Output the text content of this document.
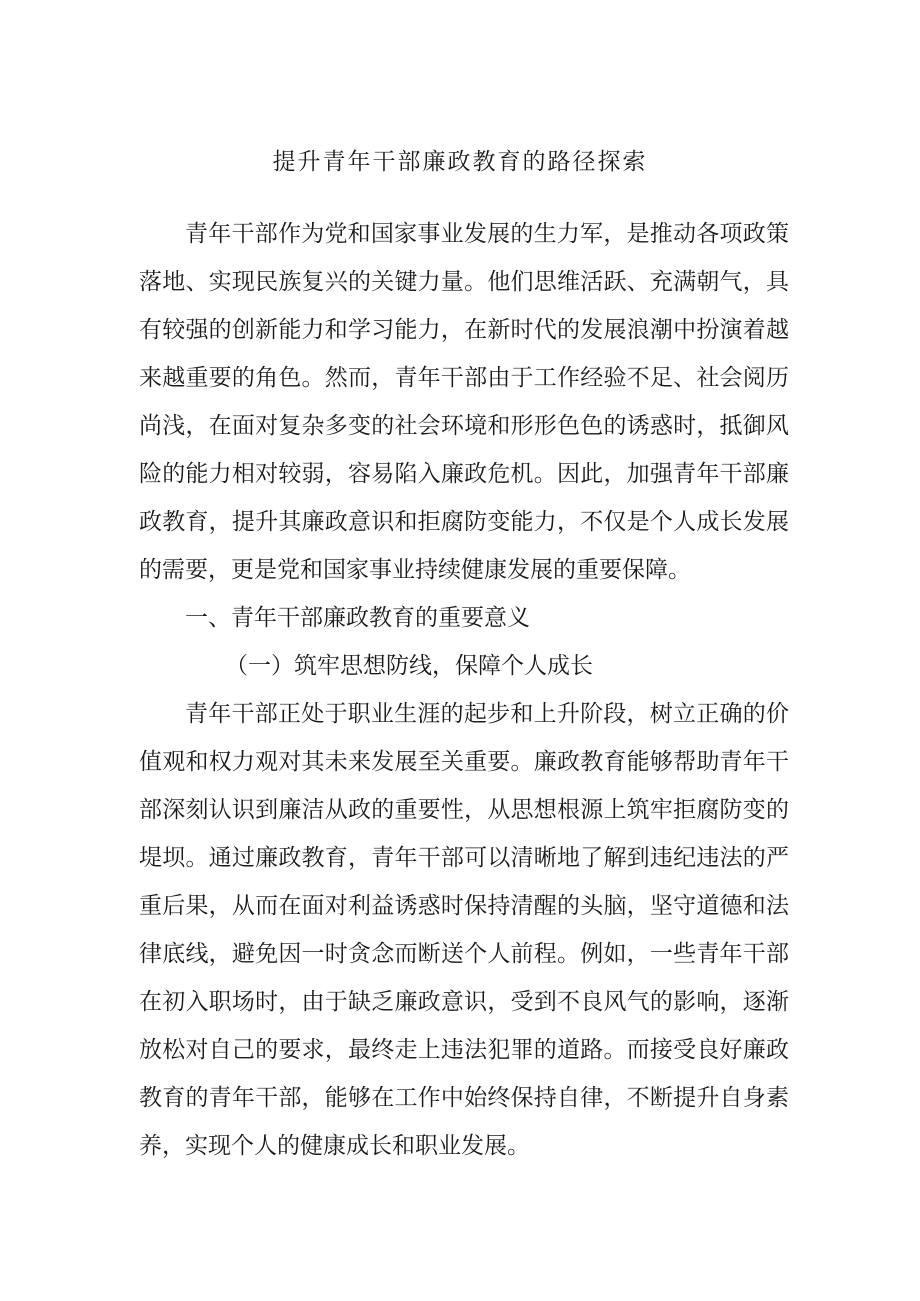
提升青年干部廉政教育的路径探索
青年干部作为党和国家事业发展的生力军，是推动各项政策
落地、实现民族复兴的关键力量。他们思维活跃、充满朝气，具
有较强的创新能力和学习能力，在新时代的发展浪潮中扮演着越
来越重要的角色。然而，青年干部由于工作经验不足、社会阅历
尚浅，在面对复杂多变的社会环境和形形色色的诱惑时，抵御风
险的能力相对较弱，容易陷入廉政危机。因此，加强青年干部廉
政教育，提升其廉政意识和拒腐防变能力，不仅是个人成长发展
的需要，更是党和国家事业持续健康发展的重要保障。
一、青年干部廉政教育的重要意义
（一）筑牢思想防线，保障个人成长
青年干部正处于职业生涯的起步和上升阶段，树立正确的价
值观和权力观对其未来发展至关重要。廉政教育能够帮助青年干
部深刻认识到廉洁从政的重要性，从思想根源上筑牢拒腐防变的
堤坝。通过廉政教育，青年干部可以清晰地了解到违纪违法的严
重后果，从而在面对利益诱惑时保持清醒的头脑，坚守道德和法
律底线，避免因一时贪念而断送个人前程。例如，一些青年干部
在初入职场时，由于缺乏廉政意识，受到不良风气的影响，逐渐
放松对自己的要求，最终走上违法犯罪的道路。而接受良好廉政
教育的青年干部，能够在工作中始终保持自律，不断提升自身素
养，实现个人的健康成长和职业发展。
